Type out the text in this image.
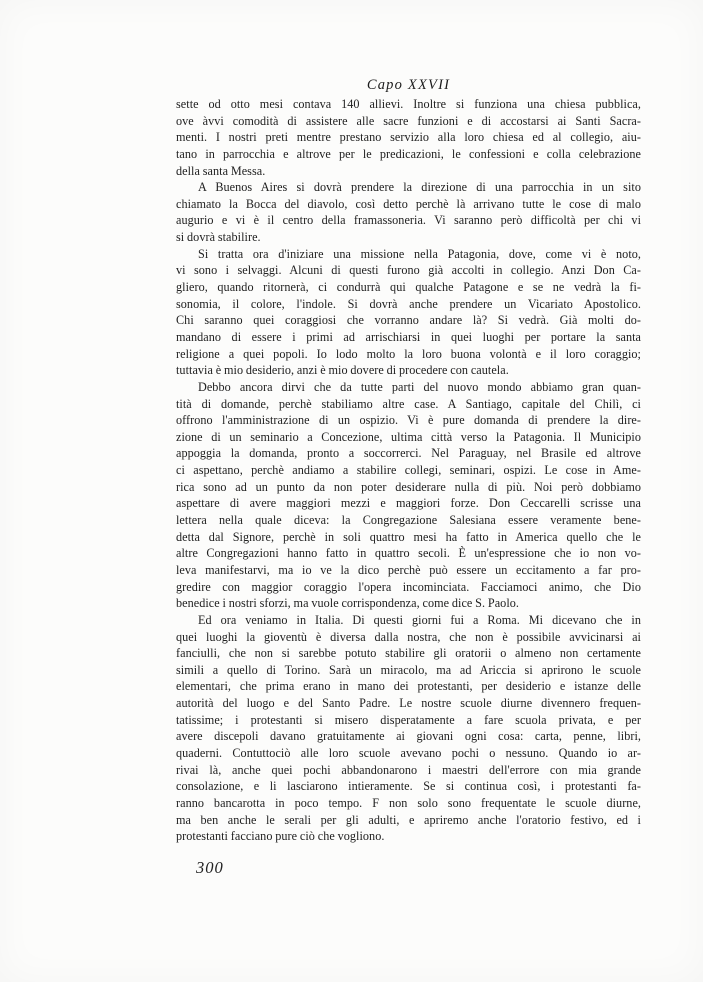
Capo XXVII
sette od otto mesi contava 140 allievi. Inoltre si funziona una chiesa pubblica,
ove àvvi comodità di assistere alle sacre funzioni e di accostarsi ai Santi Sacra-
menti. I nostri preti mentre prestano servizio alla loro chiesa ed al collegio, aiu-
tano in parrocchia e altrove per le predicazioni, le confessioni e colla celebrazione
della santa Messa.
A Buenos Aires si dovrà prendere la direzione di una parrocchia in un sito
chiamato la Bocca del diavolo, così detto perchè là arrivano tutte le cose di malo
augurio e vi è il centro della framassoneria. Vi saranno però difficoltà per chi vi
si dovrà stabilire.
Si tratta ora d'iniziare una missione nella Patagonia, dove, come vi è noto,
vi sono i selvaggi. Alcuni di questi furono già accolti in collegio. Anzi Don Ca-
gliero, quando ritornerà, ci condurrà qui qualche Patagone e se ne vedrà la fi-
sonomia, il colore, l'indole. Si dovrà anche prendere un Vicariato Apostolico.
Chi saranno quei coraggiosi che vorranno andare là? Si vedrà. Già molti do-
mandano di essere i primi ad arrischiarsi in quei luoghi per portare la santa
religione a quei popoli. Io lodo molto la loro buona volontà e il loro coraggio;
tuttavia è mio desiderio, anzi è mio dovere di procedere con cautela.
Debbo ancora dirvi che da tutte parti del nuovo mondo abbiamo gran quan-
tità di domande, perchè stabiliamo altre case. A Santiago, capitale del Chilì, ci
offrono l'amministrazione di un ospizio. Vi è pure domanda di prendere la dire-
zione di un seminario a Concezione, ultima città verso la Patagonia. Il Municipio
appoggia la domanda, pronto a soccorrerci. Nel Paraguay, nel Brasile ed altrove
ci aspettano, perchè andiamo a stabilire collegi, seminari, ospizi. Le cose in Ame-
rica sono ad un punto da non poter desiderare nulla di più. Noi però dobbiamo
aspettare di avere maggiori mezzi e maggiori forze. Don Ceccarelli scrisse una
lettera nella quale diceva: la Congregazione Salesiana essere veramente bene-
detta dal Signore, perchè in soli quattro mesi ha fatto in America quello che le
altre Congregazioni hanno fatto in quattro secoli. È un'espressione che io non vo-
leva manifestarvi, ma io ve la dico perchè può essere un eccitamento a far pro-
gredire con maggior coraggio l'opera incominciata. Facciamoci animo, che Dio
benedice i nostri sforzi, ma vuole corrispondenza, come dice S. Paolo.
Ed ora veniamo in Italia. Di questi giorni fui a Roma. Mi dicevano che in
quei luoghi la gioventù è diversa dalla nostra, che non è possibile avvicinarsi ai
fanciulli, che non si sarebbe potuto stabilire gli oratorii o almeno non certamente
simili a quello di Torino. Sarà un miracolo, ma ad Ariccia si aprirono le scuole
elementari, che prima erano in mano dei protestanti, per desiderio e istanze delle
autorità del luogo e del Santo Padre. Le nostre scuole diurne divennero frequen-
tatissime; i protestanti si misero disperatamente a fare scuola privata, e per
avere discepoli davano gratuitamente ai giovani ogni cosa: carta, penne, libri,
quaderni. Contuttociò alle loro scuole avevano pochi o nessuno. Quando io ar-
rivai là, anche quei pochi abbandonarono i maestri dell'errore con mia grande
consolazione, e li lasciarono intieramente. Se si continua così, i protestanti fa-
ranno bancarotta in poco tempo. F non solo sono frequentate le scuole diurne,
ma ben anche le serali per gli adulti, e apriremo anche l'oratorio festivo, ed i
protestanti facciano pure ciò che vogliono.
300
